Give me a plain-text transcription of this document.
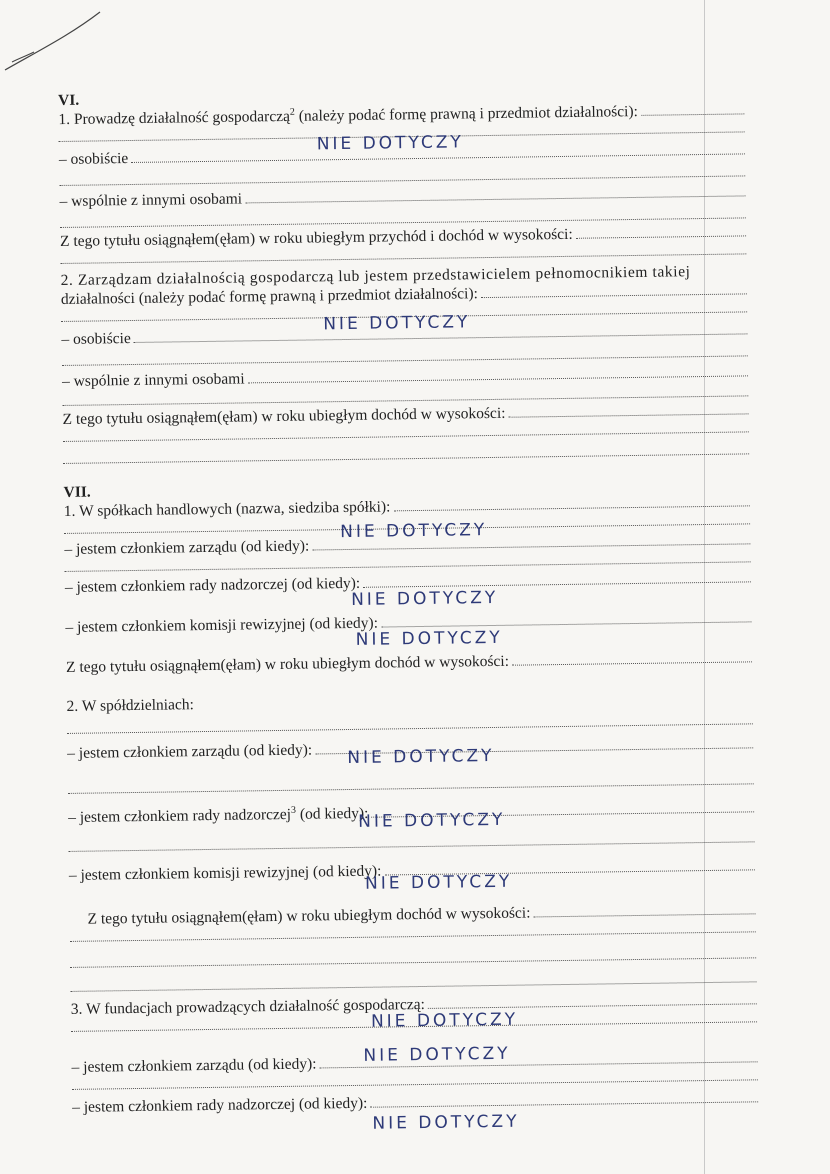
VI.
1. Prowadzę działalność gospodarczą$^2$ (należy podać formę prawną i przedmiot działalności):
– osobiście
NIE DOTYCZY
– wspólnie z innymi osobami
Z tego tytułu osiągnąłem(ęłam) w roku ubiegłym przychód i dochód w wysokości:
2. Zarządzam działalnością gospodarczą lub jestem przedstawicielem pełnomocnikiem takiej
działalności (należy podać formę prawną i przedmiot działalności):
– osobiście
NIE DOTYCZY
– wspólnie z innymi osobami
Z tego tytułu osiągnąłem(ęłam) w roku ubiegłym dochód w wysokości:
VII.
1. W spółkach handlowych (nazwa, siedziba spółki):
– jestem członkiem zarządu (od kiedy):
NIE DOTYCZY
– jestem członkiem rady nadzorczej (od kiedy):
NIE DOTYCZY
– jestem członkiem komisji rewizyjnej (od kiedy):
NIE DOTYCZY
Z tego tytułu osiągnąłem(ęłam) w roku ubiegłym dochód w wysokości:
2. W spółdzielniach:
– jestem członkiem zarządu (od kiedy): NIE DOTYCZY
– jestem członkiem rady nadzorczej$^3$ (od kiedy):
NIE DOTYCZY
– jestem członkiem komisji rewizyjnej (od kiedy):
NIE DOTYCZY
Z tego tytułu osiągnąłem(ęłam) w roku ubiegłym dochód w wysokości:
3. W fundacjach prowadzących działalność gospodarczą:
NIE DOTYCZY
– jestem członkiem zarządu (od kiedy):	NIE DOTYCZY
– jestem członkiem rady nadzorczej (od kiedy):
NIE DOTYCZY
